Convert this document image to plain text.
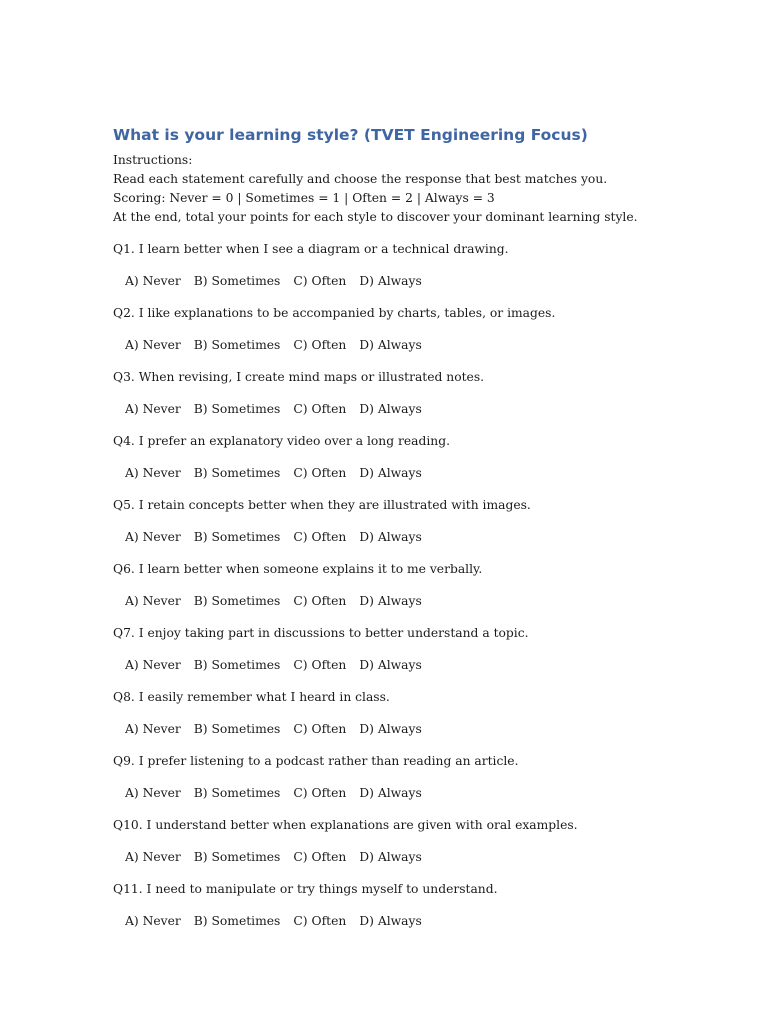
What is your learning style? (TVET Engineering Focus)

Instructions:

Read each statement carefully and choose the response that best matches you.

Scoring: Never = 0 | Sometimes = 1 | Often = 2 | Always = 3

At the end, total your points for each style to discover your dominant learning style.

Q1. I learn better when I see a diagram or a technical drawing.

A) Never B) Sometimes C) Often D) Always

Q2. I like explanations to be accompanied by charts, tables, or images.

A) Never B) Sometimes C) Often D) Always

Q3. When revising, I create mind maps or illustrated notes.

A) Never B) Sometimes C) Often D) Always

Q4. I prefer an explanatory video over a long reading.

A) Never B) Sometimes C) Often D) Always

Q5. I retain concepts better when they are illustrated with images.

A) Never B) Sometimes C) Often D) Always

Q6. I learn better when someone explains it to me verbally.

A) Never B) Sometimes C) Often D) Always

Q7. I enjoy taking part in discussions to better understand a topic.

A) Never B) Sometimes C) Often D) Always

Q8. I easily remember what I heard in class.

A) Never B) Sometimes C) Often D) Always

Q9. I prefer listening to a podcast rather than reading an article.

A) Never B) Sometimes C) Often D) Always

Q10. I understand better when explanations are given with oral examples.

A) Never B) Sometimes C) Often D) Always

Q11. I need to manipulate or try things myself to understand.

A) Never B) Sometimes C) Often D) Always
